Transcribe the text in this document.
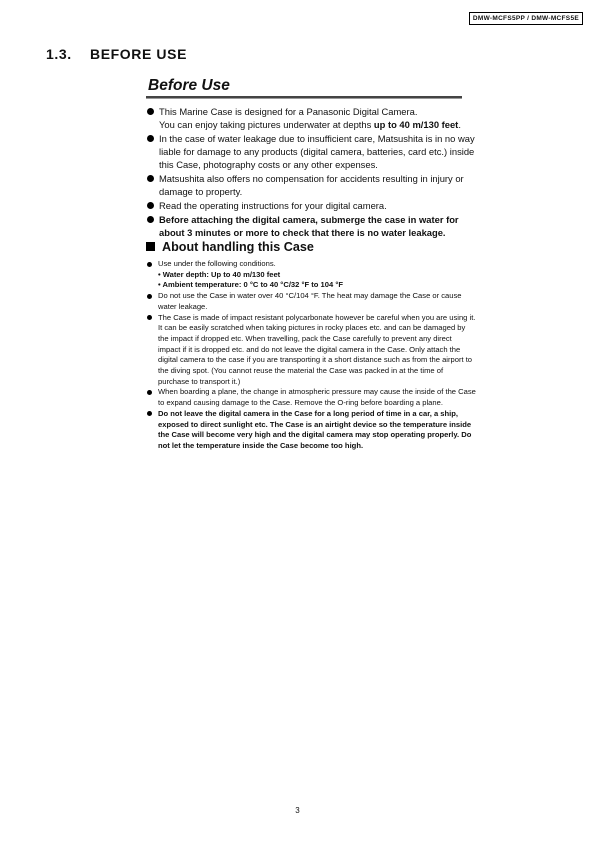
DMW-MCFS5PP / DMW-MCFS5E
1.3. BEFORE USE
Before Use
This Marine Case is designed for a Panasonic Digital Camera.
You can enjoy taking pictures underwater at depths up to 40 m/130 feet.
In the case of water leakage due to insufficient care, Matsushita is in no way liable for damage to any products (digital camera, batteries, card etc.) inside this Case, photography costs or any other expenses.
Matsushita also offers no compensation for accidents resulting in injury or damage to property.
Read the operating instructions for your digital camera.
Before attaching the digital camera, submerge the case in water for about 3 minutes or more to check that there is no water leakage.
About handling this Case
Use under the following conditions.
• Water depth: Up to 40 m/130 feet
• Ambient temperature: 0 °C to 40 °C/32 °F to 104 °F
Do not use the Case in water over 40 °C/104 °F. The heat may damage the Case or cause water leakage.
The Case is made of impact resistant polycarbonate however be careful when you are using it. It can be easily scratched when taking pictures in rocky places etc. and can be damaged by the impact if dropped etc. When travelling, pack the Case carefully to prevent any direct impact if it is dropped etc. and do not leave the digital camera in the Case. Only attach the digital camera to the case if you are transporting it a short distance such as from the airport to the diving spot. (You cannot reuse the material the Case was packed in at the time of purchase to transport it.)
When boarding a plane, the change in atmospheric pressure may cause the inside of the Case to expand causing damage to the Case. Remove the O-ring before boarding a plane.
Do not leave the digital camera in the Case for a long period of time in a car, a ship, exposed to direct sunlight etc. The Case is an airtight device so the temperature inside the Case will become very high and the digital camera may stop operating properly. Do not let the temperature inside the Case become too high.
3
